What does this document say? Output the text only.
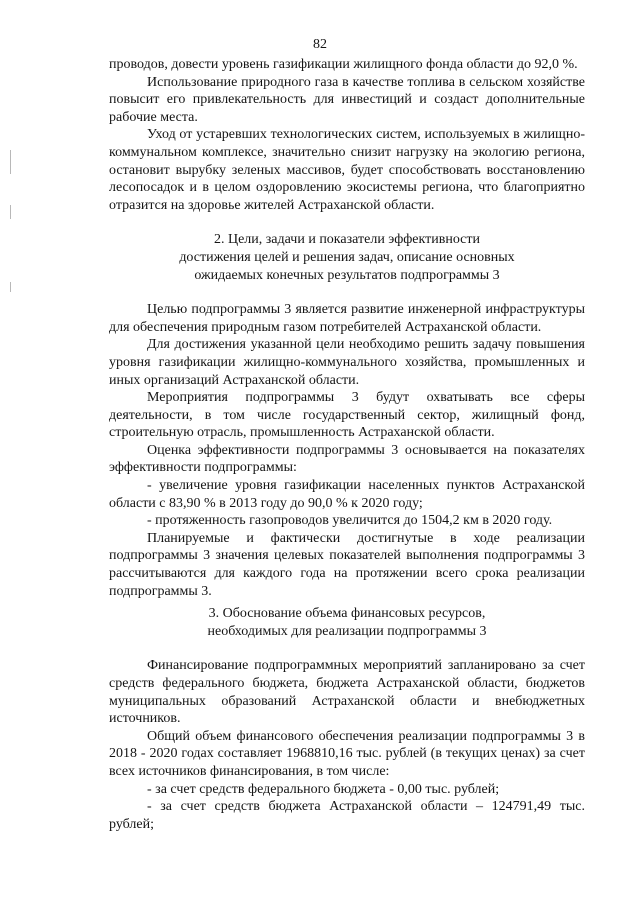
82

проводов, довести уровень газификации жилищного фонда области до 92,0 %.

Использование природного газа в качестве топлива в сельском хозяйстве повысит его привлекательность для инвестиций и создаст дополнительные рабочие места.

Уход от устаревших технологических систем, используемых в жилищно-коммунальном комплексе, значительно снизит нагрузку на экологию региона, остановит вырубку зеленых массивов, будет способствовать восстановлению лесопосадок и в целом оздоровлению экосистемы региона, что благоприятно отразится на здоровье жителей Астраханской области.

2. Цели, задачи и показатели эффективности
достижения целей и решения задач, описание основных
ожидаемых конечных результатов подпрограммы 3

Целью подпрограммы 3 является развитие инженерной инфраструктуры для обеспечения природным газом потребителей Астраханской области.

Для достижения указанной цели необходимо решить задачу повышения уровня газификации жилищно-коммунального хозяйства, промышленных и иных организаций Астраханской области.

Мероприятия подпрограммы 3 будут охватывать все сферы деятельности, в том числе государственный сектор, жилищный фонд, строительную отрасль, промышленность Астраханской области.

Оценка эффективности подпрограммы 3 основывается на показателях эффективности подпрограммы:

- увеличение уровня газификации населенных пунктов Астраханской области с 83,90 % в 2013 году до 90,0 % к 2020 году;

- протяженность газопроводов увеличится до 1504,2 км в 2020 году.

Планируемые и фактически достигнутые в ходе реализации подпрограммы 3 значения целевых показателей выполнения подпрограммы 3 рассчитываются для каждого года на протяжении всего срока реализации подпрограммы 3.

3. Обоснование объема финансовых ресурсов,
необходимых для реализации подпрограммы 3

Финансирование подпрограммных мероприятий запланировано за счет средств федерального бюджета, бюджета Астраханской области, бюджетов муниципальных образований Астраханской области и внебюджетных источников.

Общий объем финансового обеспечения реализации подпрограммы 3 в 2018 - 2020 годах составляет 1968810,16 тыс. рублей (в текущих ценах) за счет всех источников финансирования, в том числе:

- за счет средств федерального бюджета - 0,00 тыс. рублей;

- за счет средств бюджета Астраханской области – 124791,49 тыс. рублей;
